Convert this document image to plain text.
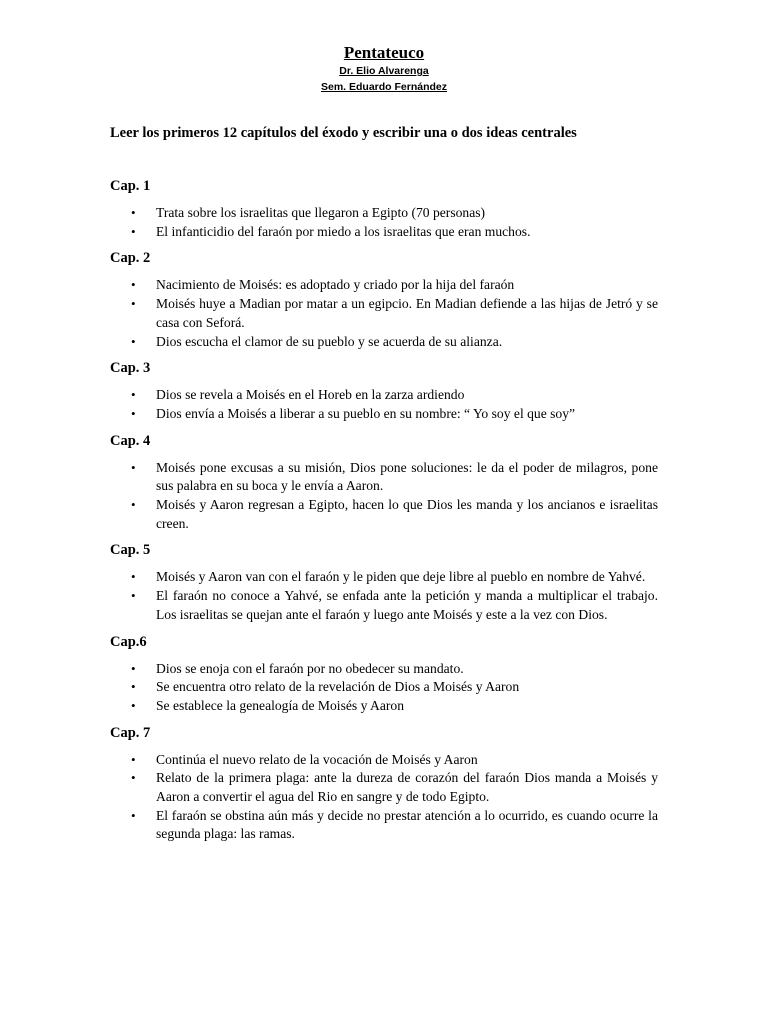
Pentateuco
Dr. Elio Alvarenga
Sem. Eduardo Fernández
Leer los primeros 12 capítulos del éxodo y escribir una o dos ideas centrales

Cap. 1

• Trata sobre los israelitas que llegaron a Egipto (70 personas)
• El infanticidio del faraón por miedo a los israelitas que eran muchos.

Cap. 2

• Nacimiento de Moisés: es adoptado y criado por la hija del faraón
• Moisés huye a Madian por matar a un egipcio. En Madian defiende a las hijas de Jetró y se casa con Seforá.
• Dios escucha el clamor de su pueblo y se acuerda de su alianza.

Cap. 3

• Dios se revela a Moisés en el Horeb en la zarza ardiendo
• Dios envía a Moisés a liberar a su pueblo en su nombre: “ Yo soy el que soy”

Cap. 4

• Moisés pone excusas a su misión, Dios pone soluciones: le da el poder de milagros, pone sus palabra en su boca y le envía a Aaron.
• Moisés y Aaron regresan a Egipto, hacen lo que Dios les manda y los ancianos e israelitas creen.

Cap. 5

• Moisés y Aaron van con el faraón y le piden que deje libre al pueblo en nombre de Yahvé.
• El faraón no conoce a Yahvé, se enfada ante la petición y manda a multiplicar el trabajo. Los israelitas se quejan ante el faraón y luego ante Moisés y este a la vez con Dios.

Cap.6

• Dios se enoja con el faraón por no obedecer su mandato.
• Se encuentra otro relato de la revelación de Dios a Moisés y Aaron
• Se establece la genealogía de Moisés y Aaron

Cap. 7

• Continúa el nuevo relato de la vocación de Moisés y Aaron
• Relato de la primera plaga: ante la dureza de corazón del faraón Dios manda a Moisés y Aaron a convertir el agua del Rio en sangre y de todo Egipto.
• El faraón se obstina aún más y decide no prestar atención a lo ocurrido, es cuando ocurre la segunda plaga: las ramas.
